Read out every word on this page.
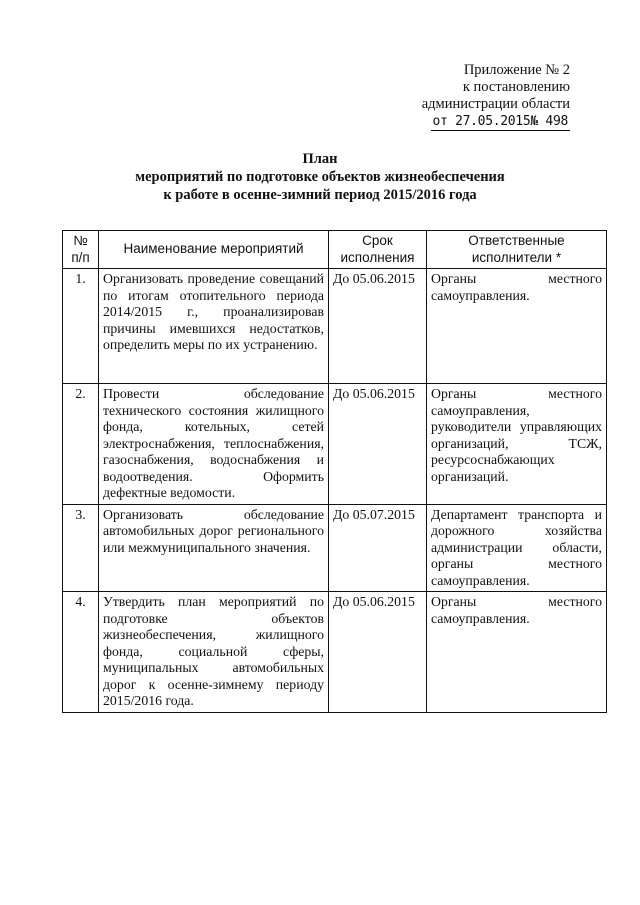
Приложение № 2
к постановлению
администрации области
от 27.05.2015№ 498
План
мероприятий по подготовке объектов жизнеобеспечения
к работе в осенне-зимний период 2015/2016 года
№ п/п	Наименование мероприятий	Срок исполнения	Ответственные исполнители *
1.	Организовать проведение совещаний по итогам отопительного периода 2014/2015 г., проанализировав причины имевшихся недостатков, определить меры по их устранению.	До 05.06.2015	Органы местного самоуправления.
2.	Провести обследование технического состояния жилищного фонда, котельных, сетей электроснабжения, теплоснабжения, газоснабжения, водоснабжения и водоотведения. Оформить дефектные ведомости.	До 05.06.2015	Органы местного самоуправления, руководители управляющих организаций, ТСЖ, ресурсоснабжающих организаций.
3.	Организовать обследование автомобильных дорог регионального или межмуниципального значения.	До 05.07.2015	Департамент транспорта и дорожного хозяйства администрации области, органы местного самоуправления.
4.	Утвердить план мероприятий по подготовке объектов жизнеобеспечения, жилищного фонда, социальной сферы, муниципальных автомобильных дорог к осенне-зимнему периоду 2015/2016 года.	До 05.06.2015	Органы местного самоуправления.
